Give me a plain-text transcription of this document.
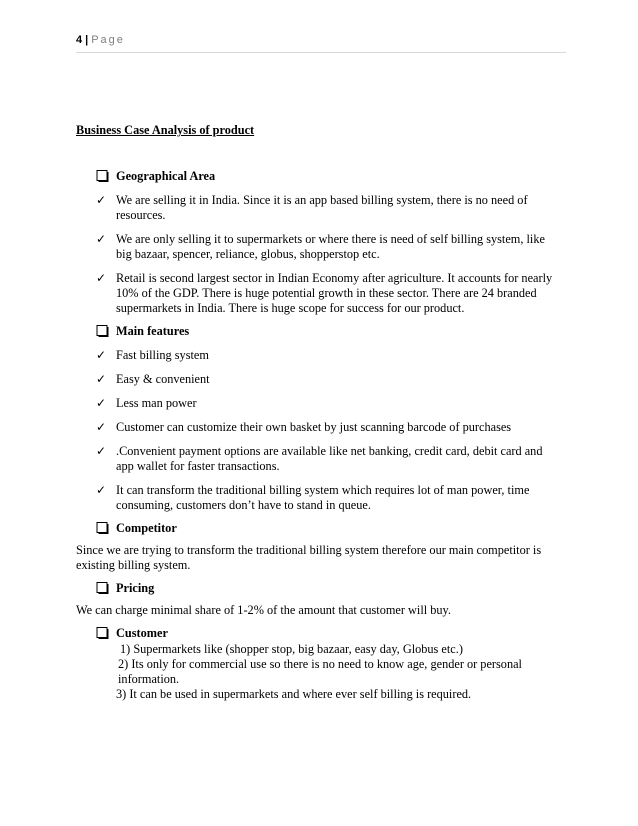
4 | Page
Business Case Analysis of product
Geographical Area
✓ We are selling it in India. Since it is an app based billing system, there is no need of resources.
✓ We are only selling it to supermarkets or where there is need of self billing system, like big bazaar, spencer, reliance, globus, shopperstop etc.
✓ Retail is second largest sector in Indian Economy after agriculture. It accounts for nearly 10% of the GDP. There is huge potential growth in these sector. There are 24 branded supermarkets in India. There is huge scope for success for our product.
Main features
✓ Fast billing system
✓ Easy & convenient
✓ Less man power
✓ Customer can customize their own basket by just scanning barcode of purchases
✓ .Convenient payment options are available like net banking, credit card, debit card and app wallet for faster transactions.
✓ It can transform the traditional billing system which requires lot of man power, time consuming, customers don’t have to stand in queue.
Competitor
Since we are trying to transform the traditional billing system therefore our main competitor is existing billing system.
Pricing
We can charge minimal share of 1-2% of the amount that customer will buy.
Customer
1) Supermarkets like (shopper stop, big bazaar, easy day, Globus etc.)
2) Its only for commercial use so there is no need to know age, gender or personal information.
3) It can be used in supermarkets and where ever self billing is required.
